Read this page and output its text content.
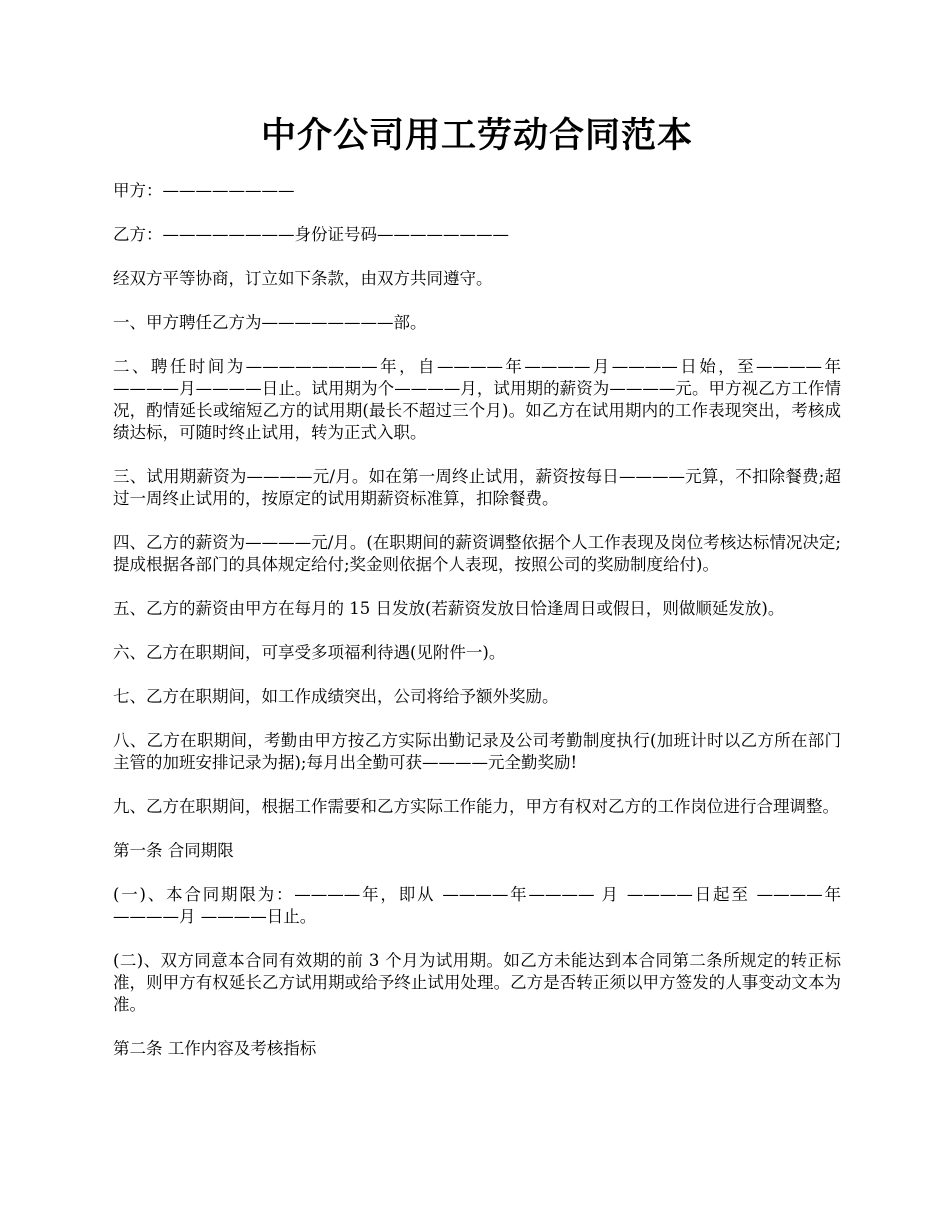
中介公司用工劳动合同范本

甲方：————————

乙方：————————身份证号码————————

经双方平等协商，订立如下条款，由双方共同遵守。

一、甲方聘任乙方为————————部。

二、聘任时间为————————年，自————年————月————日始，至————年————月————日止。试用期为个————月，试用期的薪资为————元。甲方视乙方工作情况，酌情延长或缩短乙方的试用期(最长不超过三个月)。如乙方在试用期内的工作表现突出，考核成绩达标，可随时终止试用，转为正式入职。

三、试用期薪资为————元/月。如在第一周终止试用，薪资按每日————元算，不扣除餐费;超过一周终止试用的，按原定的试用期薪资标准算，扣除餐费。

四、乙方的薪资为————元/月。(在职期间的薪资调整依据个人工作表现及岗位考核达标情况决定;提成根据各部门的具体规定给付;奖金则依据个人表现，按照公司的奖励制度给付)。

五、乙方的薪资由甲方在每月的 15 日发放(若薪资发放日恰逢周日或假日，则做顺延发放)。

六、乙方在职期间，可享受多项福利待遇(见附件一)。

七、乙方在职期间，如工作成绩突出，公司将给予额外奖励。

八、乙方在职期间，考勤由甲方按乙方实际出勤记录及公司考勤制度执行(加班计时以乙方所在部门主管的加班安排记录为据);每月出全勤可获————元全勤奖励!

九、乙方在职期间，根据工作需要和乙方实际工作能力，甲方有权对乙方的工作岗位进行合理调整。

第一条 合同期限

(一)、本合同期限为：————年，即从 ————年———— 月 ————日起至 ————年 ————月 ————日止。

(二)、双方同意本合同有效期的前 3 个月为试用期。如乙方未能达到本合同第二条所规定的转正标准，则甲方有权延长乙方试用期或给予终止试用处理。乙方是否转正须以甲方签发的人事变动文本为准。

第二条 工作内容及考核指标
